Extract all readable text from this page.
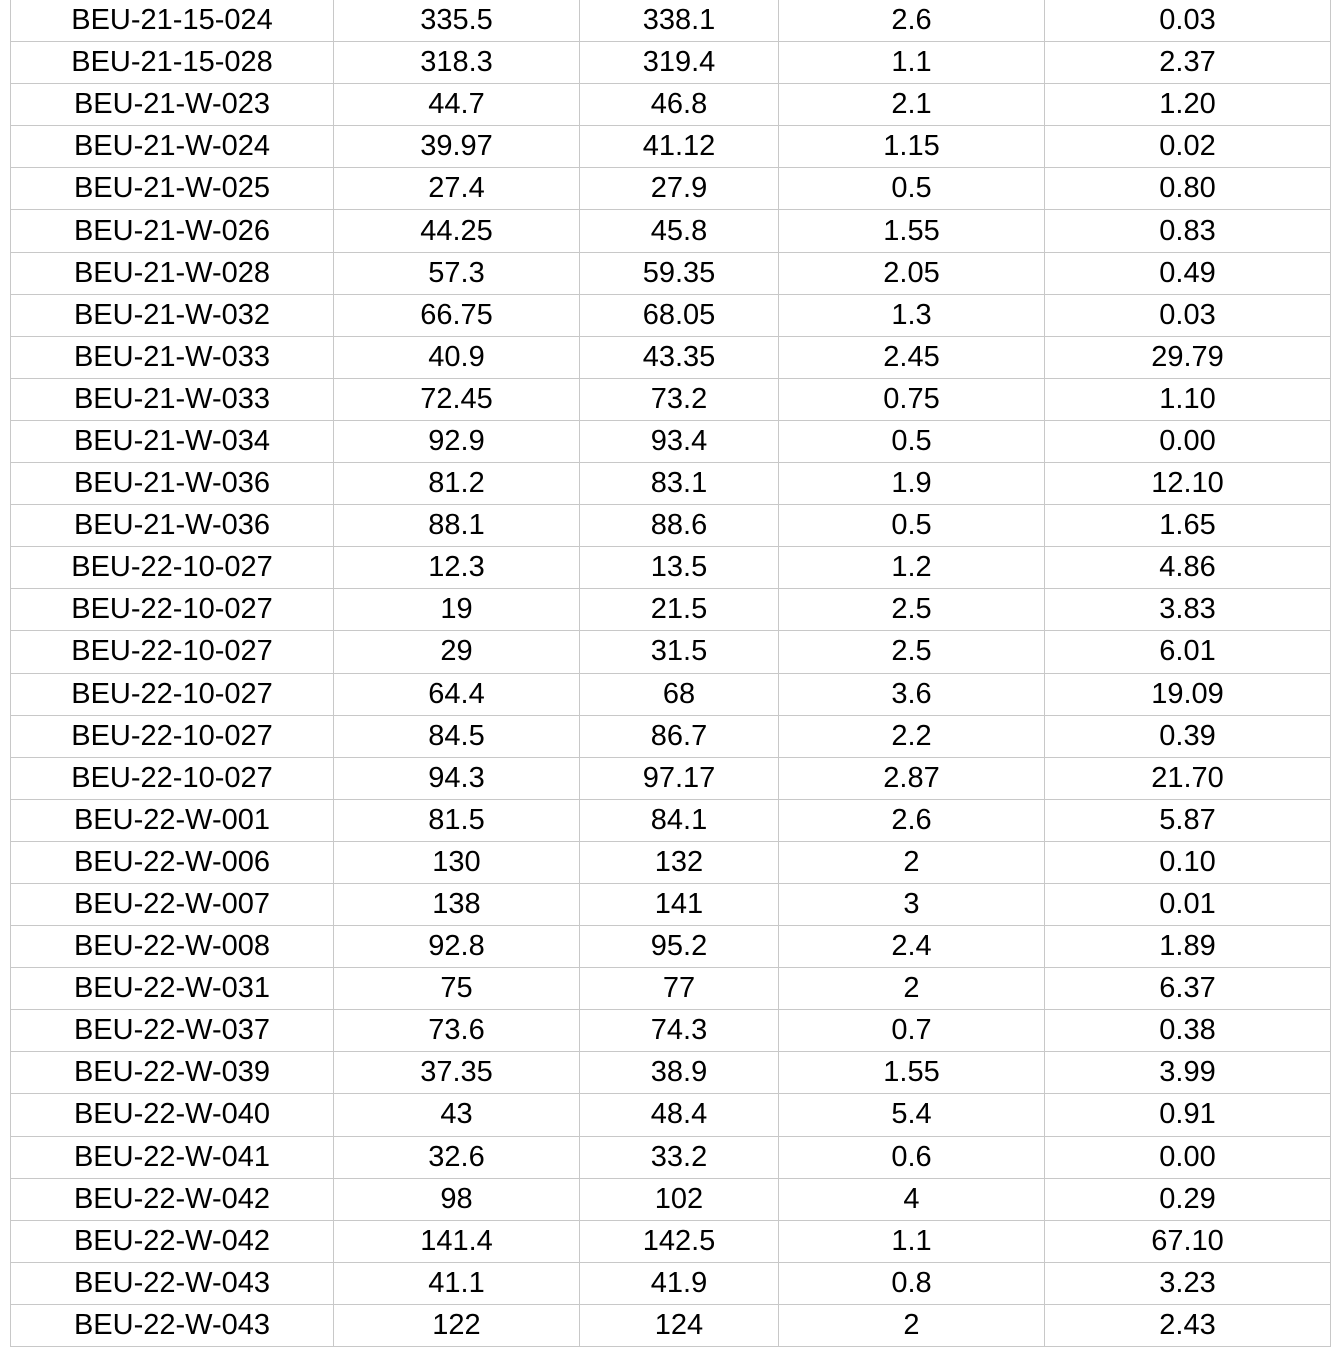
BEU-21-15-024	335.5	338.1	2.6	0.03
BEU-21-15-028	318.3	319.4	1.1	2.37
BEU-21-W-023	44.7	46.8	2.1	1.20
BEU-21-W-024	39.97	41.12	1.15	0.02
BEU-21-W-025	27.4	27.9	0.5	0.80
BEU-21-W-026	44.25	45.8	1.55	0.83
BEU-21-W-028	57.3	59.35	2.05	0.49
BEU-21-W-032	66.75	68.05	1.3	0.03
BEU-21-W-033	40.9	43.35	2.45	29.79
BEU-21-W-033	72.45	73.2	0.75	1.10
BEU-21-W-034	92.9	93.4	0.5	0.00
BEU-21-W-036	81.2	83.1	1.9	12.10
BEU-21-W-036	88.1	88.6	0.5	1.65
BEU-22-10-027	12.3	13.5	1.2	4.86
BEU-22-10-027	19	21.5	2.5	3.83
BEU-22-10-027	29	31.5	2.5	6.01
BEU-22-10-027	64.4	68	3.6	19.09
BEU-22-10-027	84.5	86.7	2.2	0.39
BEU-22-10-027	94.3	97.17	2.87	21.70
BEU-22-W-001	81.5	84.1	2.6	5.87
BEU-22-W-006	130	132	2	0.10
BEU-22-W-007	138	141	3	0.01
BEU-22-W-008	92.8	95.2	2.4	1.89
BEU-22-W-031	75	77	2	6.37
BEU-22-W-037	73.6	74.3	0.7	0.38
BEU-22-W-039	37.35	38.9	1.55	3.99
BEU-22-W-040	43	48.4	5.4	0.91
BEU-22-W-041	32.6	33.2	0.6	0.00
BEU-22-W-042	98	102	4	0.29
BEU-22-W-042	141.4	142.5	1.1	67.10
BEU-22-W-043	41.1	41.9	0.8	3.23
BEU-22-W-043	122	124	2	2.43
